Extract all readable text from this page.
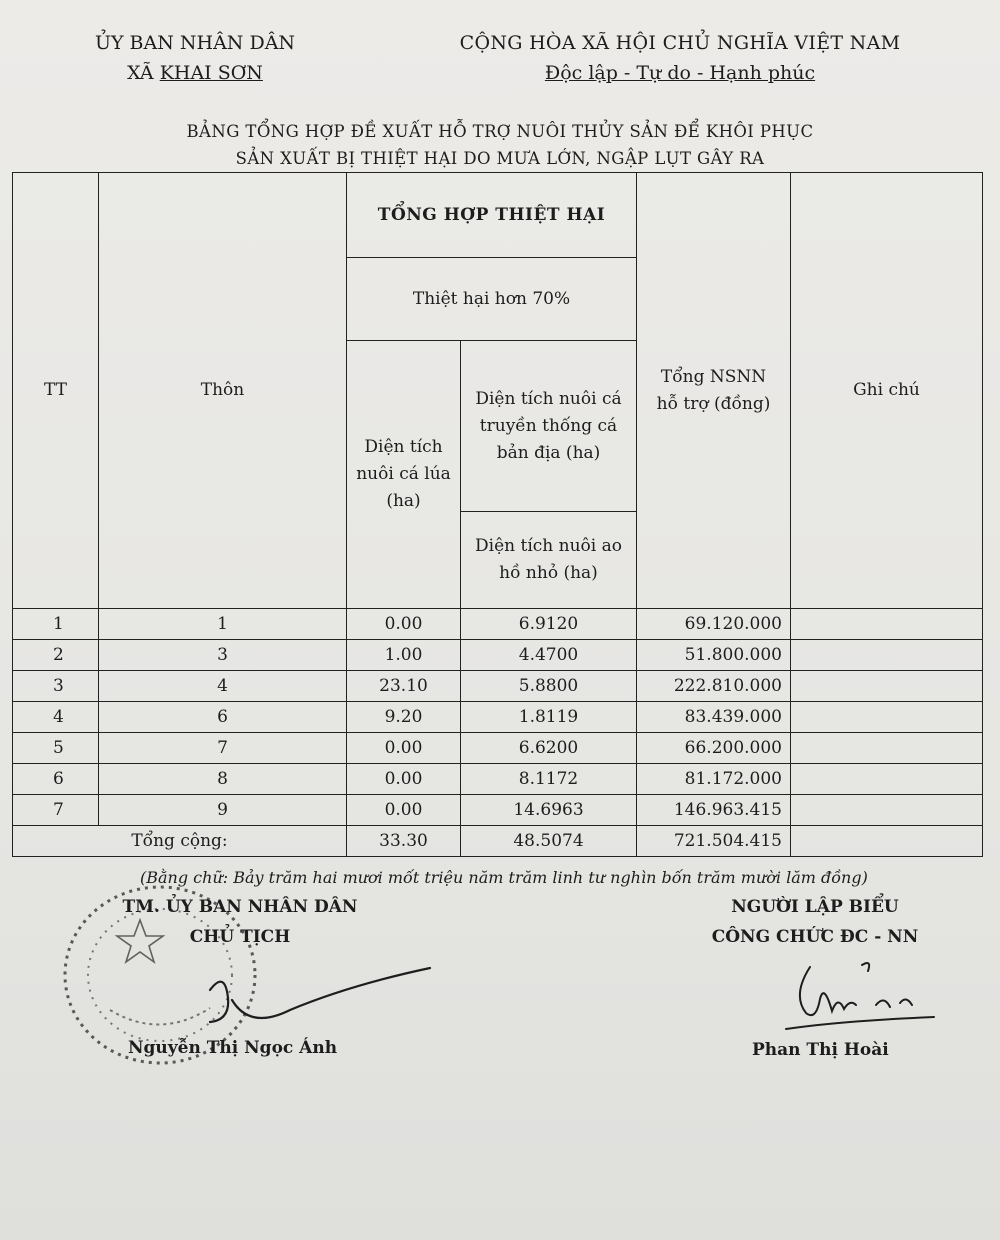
ỦY BAN NHÂN DÂN
XÃ KHAI SƠN
CỘNG HÒA XÃ HỘI CHỦ NGHĨA VIỆT NAM
Độc lập - Tự do - Hạnh phúc
BẢNG TỔNG HỢP ĐỀ XUẤT HỖ TRỢ NUÔI THỦY SẢN ĐỂ KHÔI PHỤC
SẢN XUẤT BỊ THIỆT HẠI DO MƯA LỚN, NGẬP LỤT GÂY RA
TT	Thôn	TỔNG HỢP THIỆT HẠI		Tổng NSNN hỗ trợ (đồng)	Ghi chú
		Thiệt hại hơn 70%			
		Diện tích nuôi cá lúa (ha)	Diện tích nuôi cá truyền thống cá bản địa (ha)		
			Diện tích nuôi ao hồ nhỏ (ha)		
1	1	0.00	6.9120	69.120.000	
2	3	1.00	4.4700	51.800.000	
3	4	23.10	5.8800	222.810.000	
4	6	9.20	1.8119	83.439.000	
5	7	0.00	6.6200	66.200.000	
6	8	0.00	8.1172	81.172.000	
7	9	0.00	14.6963	146.963.415	
Tổng cộng:		33.30	48.5074	721.504.415	
(Bằng chữ: Bảy trăm hai mươi mốt triệu năm trăm linh tư nghìn bốn trăm mười lăm đồng)
TM. ỦY BAN NHÂN DÂN
CHỦ TỊCH
NGƯỜI LẬP BIỂU
CÔNG CHỨC ĐC - NN
Nguyễn Thị Ngọc Ánh	Phan Thị Hoài
